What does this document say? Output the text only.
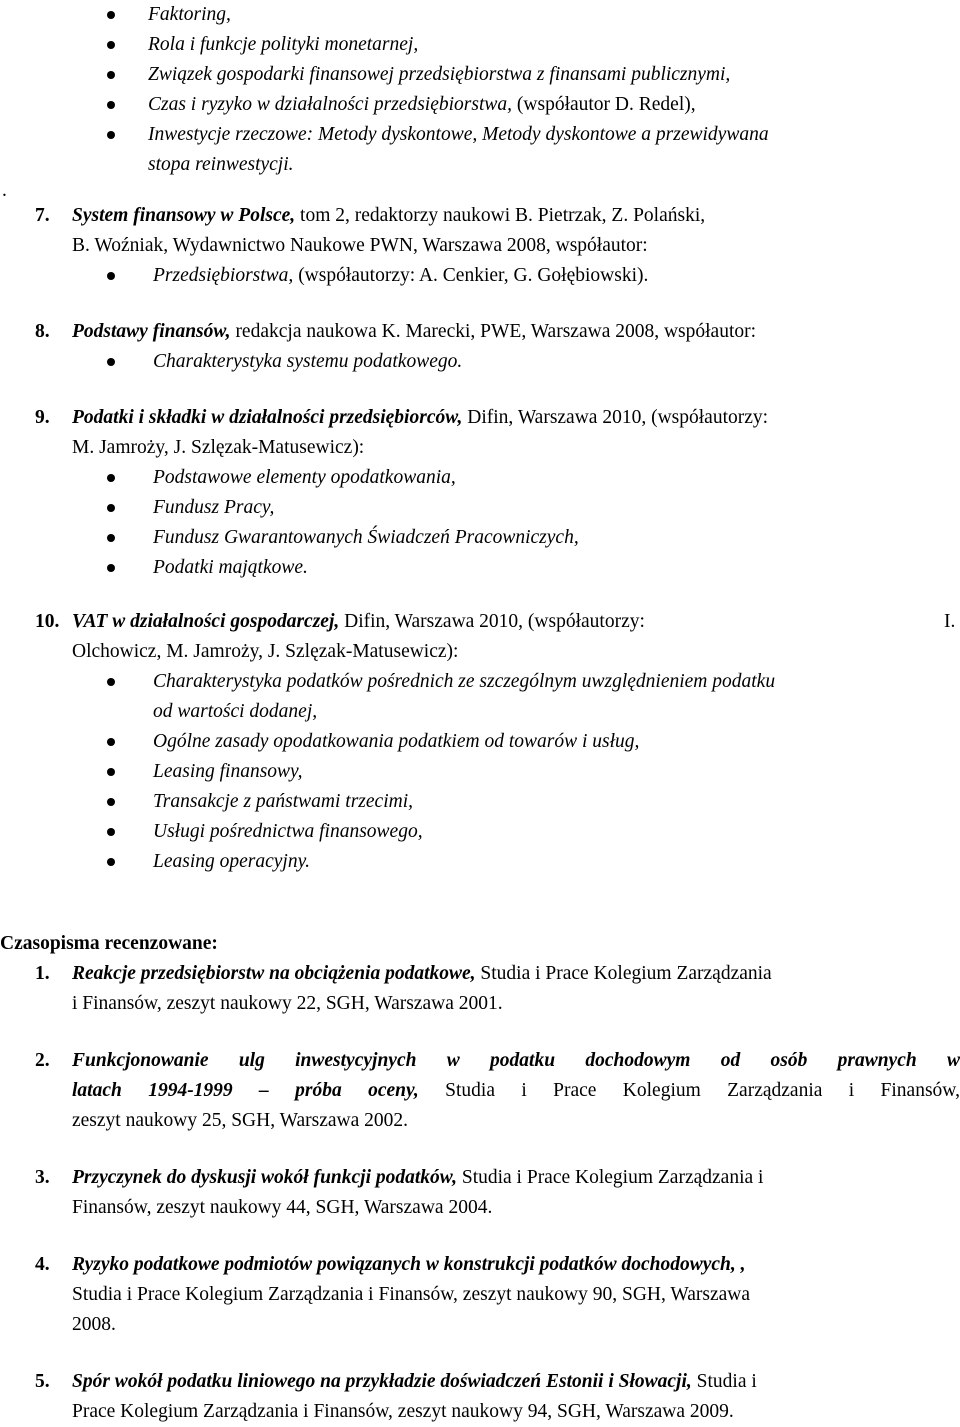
Faktoring,
Rola i funkcje polityki monetarnej,
Związek gospodarki finansowej przedsiębiorstwa z finansami publicznymi,
Czas i ryzyko w działalności przedsiębiorstwa, (współautor D. Redel),
Inwestycje rzeczowe: Metody dyskontowe, Metody dyskontowe a przewidywana
stopa reinwestycji.
.
7. System finansowy w Polsce, tom 2, redaktorzy naukowi B. Pietrzak, Z. Polański,
B. Woźniak, Wydawnictwo Naukowe PWN, Warszawa 2008, współautor:
Przedsiębiorstwa, (współautorzy: A. Cenkier, G. Gołębiowski).
8. Podstawy finansów, redakcja naukowa K. Marecki, PWE, Warszawa 2008, współautor:
Charakterystyka systemu podatkowego.
9. Podatki i składki w działalności przedsiębiorców, Difin, Warszawa 2010, (współautorzy:
M. Jamroży, J. Szlęzak-Matusewicz):
Podstawowe elementy opodatkowania,
Fundusz Pracy,
Fundusz Gwarantowanych Świadczeń Pracowniczych,
Podatki majątkowe.
10. VAT w działalności gospodarczej, Difin, Warszawa 2010, (współautorzy:	I.
Olchowicz, M. Jamroży, J. Szlęzak-Matusewicz):
Charakterystyka podatków pośrednich ze szczególnym uwzględnieniem podatku
od wartości dodanej,
Ogólne zasady opodatkowania podatkiem od towarów i usług,
Leasing finansowy,
Transakcje z państwami trzecimi,
Usługi pośrednictwa finansowego,
Leasing operacyjny.
Czasopisma recenzowane:
1. Reakcje przedsiębiorstw na obciążenia podatkowe, Studia i Prace Kolegium Zarządzania
i Finansów, zeszyt naukowy 22, SGH, Warszawa 2001.
2. Funkcjonowanie ulg inwestycyjnych w podatku dochodowym od osób prawnych w
latach 1994-1999 – próba oceny, Studia i Prace Kolegium Zarządzania i Finansów,
zeszyt naukowy 25, SGH, Warszawa 2002.
3. Przyczynek do dyskusji wokół funkcji podatków, Studia i Prace Kolegium Zarządzania i
Finansów, zeszyt naukowy 44, SGH, Warszawa 2004.
4. Ryzyko podatkowe podmiotów powiązanych w konstrukcji podatków dochodowych, ,
Studia i Prace Kolegium Zarządzania i Finansów, zeszyt naukowy 90, SGH, Warszawa
2008.
5. Spór wokół podatku liniowego na przykładzie doświadczeń Estonii i Słowacji, Studia i
Prace Kolegium Zarządzania i Finansów, zeszyt naukowy 94, SGH, Warszawa 2009.
